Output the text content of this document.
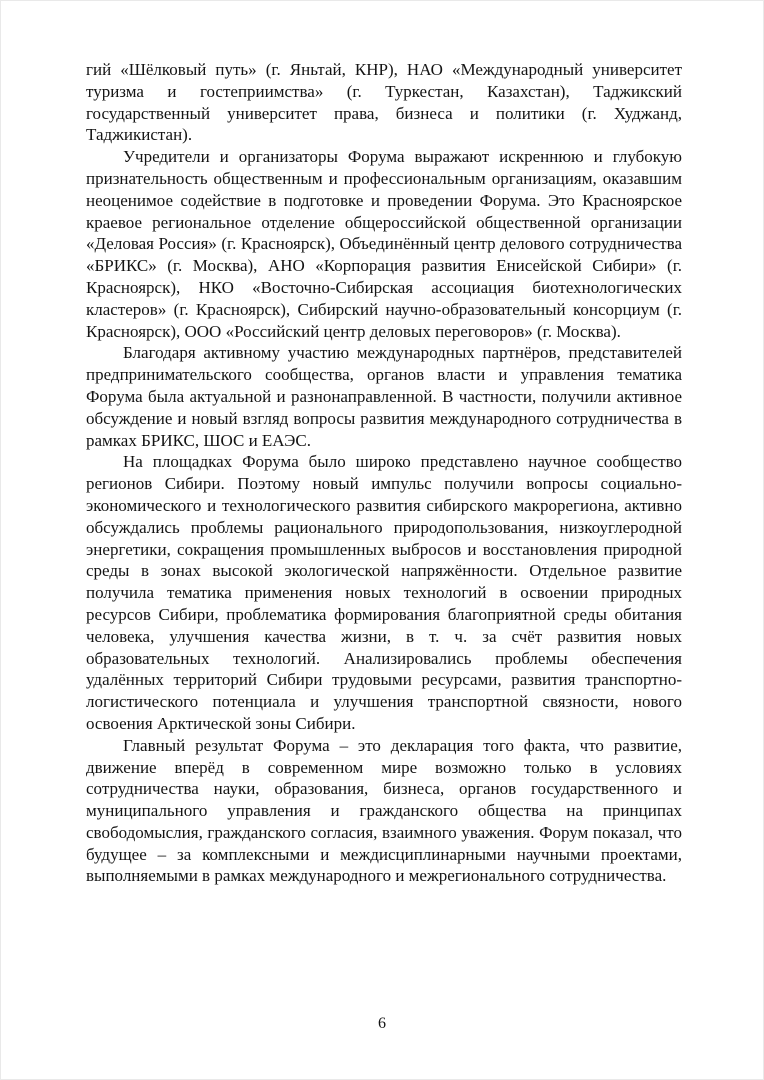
гий «Шёлковый путь» (г. Яньтай, КНР), НАО «Международный университет туризма и гостеприимства» (г. Туркестан, Казахстан), Таджикский государственный университет права, бизнеса и политики (г. Худжанд, Таджикистан).

Учредители и организаторы Форума выражают искреннюю и глубокую признательность общественным и профессиональным организациям, оказавшим неоценимое содействие в подготовке и проведении Форума. Это Красноярское краевое региональное отделение общероссийской общественной организации «Деловая Россия» (г. Красноярск), Объединённый центр делового сотрудничества «БРИКС» (г. Москва), АНО «Корпорация развития Енисейской Сибири» (г. Красноярск), НКО «Восточно-Сибирская ассоциация биотехнологических кластеров» (г. Красноярск), Сибирский научно-образовательный консорциум (г. Красноярск), ООО «Российский центр деловых переговоров» (г. Москва).

Благодаря активному участию международных партнёров, представителей предпринимательского сообщества, органов власти и управления тематика Форума была актуальной и разнонаправленной. В частности, получили активное обсуждение и новый взгляд вопросы развития международного сотрудничества в рамках БРИКС, ШОС и ЕАЭС.

На площадках Форума было широко представлено научное сообщество регионов Сибири. Поэтому новый импульс получили вопросы социально-экономического и технологического развития сибирского макрорегиона, активно обсуждались проблемы рационального природопользования, низкоуглеродной энергетики, сокращения промышленных выбросов и восстановления природной среды в зонах высокой экологической напряжённости. Отдельное развитие получила тематика применения новых технологий в освоении природных ресурсов Сибири, проблематика формирования благоприятной среды обитания человека, улучшения качества жизни, в т. ч. за счёт развития новых образовательных технологий. Анализировались проблемы обеспечения удалённых территорий Сибири трудовыми ресурсами, развития транспортно-логистического потенциала и улучшения транспортной связности, нового освоения Арктической зоны Сибири.

Главный результат Форума – это декларация того факта, что развитие, движение вперёд в современном мире возможно только в условиях сотрудничества науки, образования, бизнеса, органов государственного и муниципального управления и гражданского общества на принципах свободомыслия, гражданского согласия, взаимного уважения. Форум показал, что будущее – за комплексными и междисциплинарными научными проектами, выполняемыми в рамках международного и межрегионального сотрудничества.

6
